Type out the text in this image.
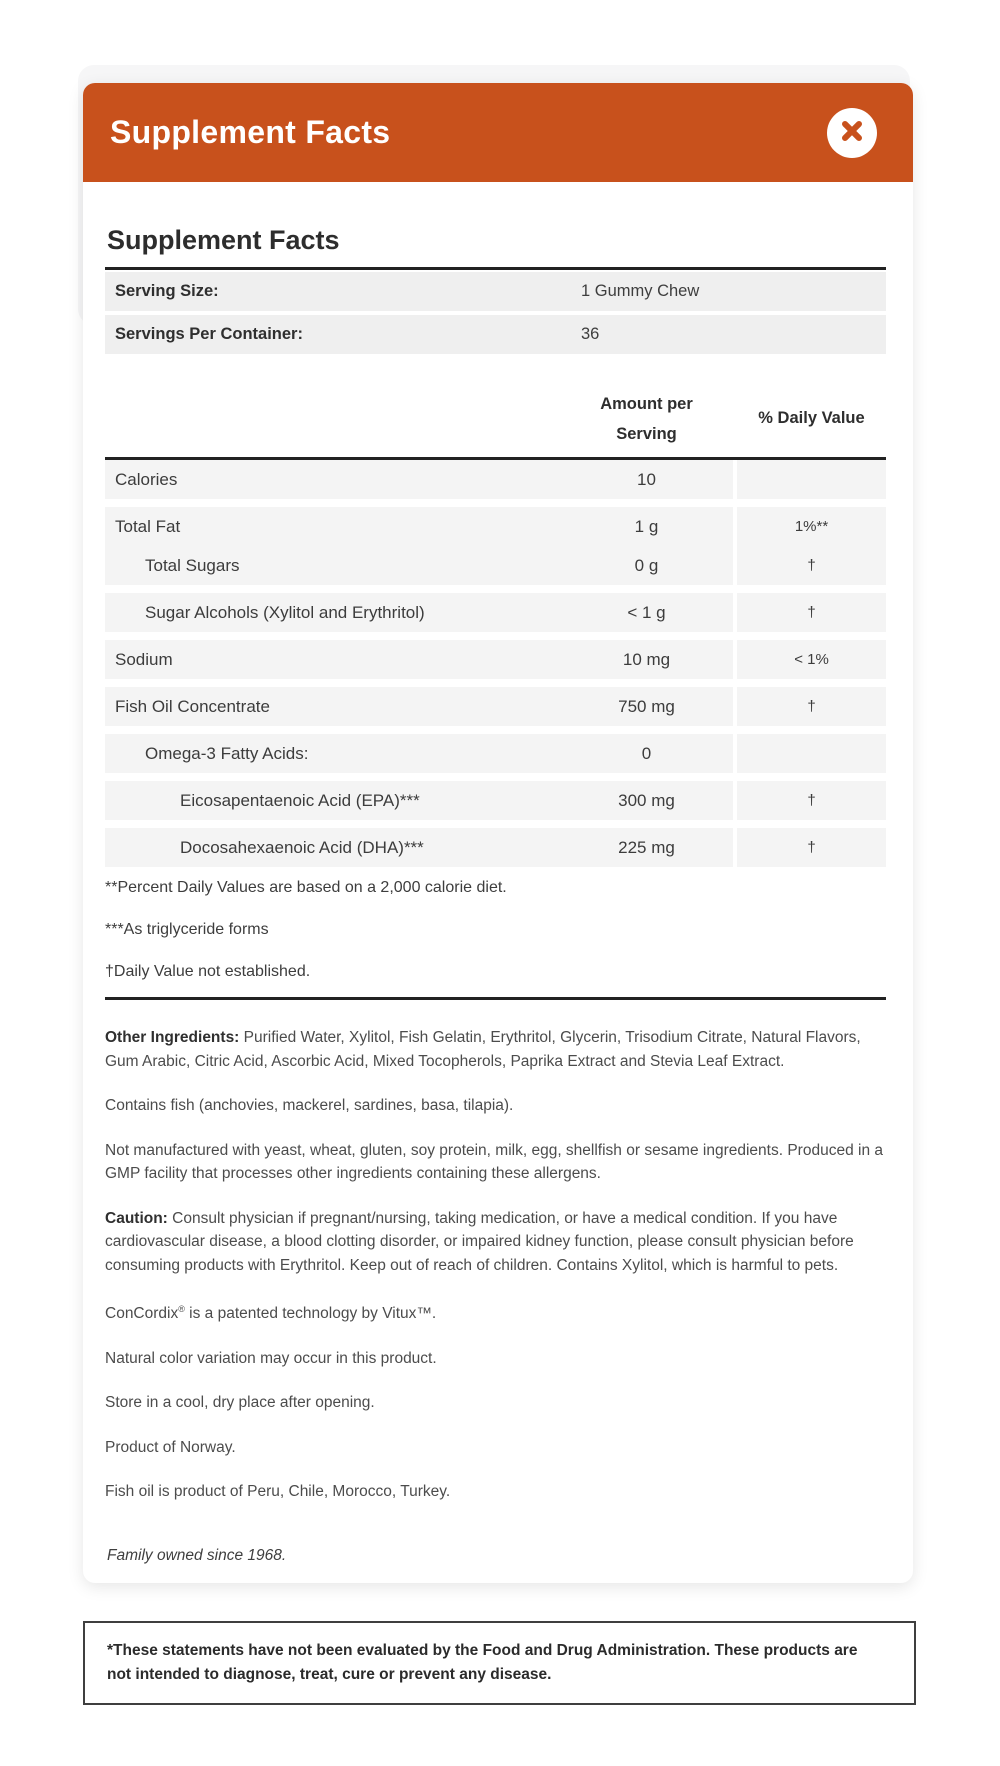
Supplement Facts
Supplement Facts
Serving Size:	1 Gummy Chew
Servings Per Container:	36
Amount per
Serving
% Daily Value
Calories	10
Total Fat	1 g	1%**
Total Sugars	0 g	†
Sugar Alcohols (Xylitol and Erythritol)	< 1 g	†
Sodium	10 mg	< 1%
Fish Oil Concentrate	750 mg	†
Omega-3 Fatty Acids:	0
Eicosapentaenoic Acid (EPA)***	300 mg	†
Docosahexaenoic Acid (DHA)***	225 mg	†
**Percent Daily Values are based on a 2,000 calorie diet.
***As triglyceride forms
†Daily Value not established.

Other Ingredients: Purified Water, Xylitol, Fish Gelatin, Erythritol, Glycerin, Trisodium Citrate, Natural Flavors, Gum Arabic, Citric Acid, Ascorbic Acid, Mixed Tocopherols, Paprika Extract and Stevia Leaf Extract.

Contains fish (anchovies, mackerel, sardines, basa, tilapia).

Not manufactured with yeast, wheat, gluten, soy protein, milk, egg, shellfish or sesame ingredients. Produced in a GMP facility that processes other ingredients containing these allergens.

Caution: Consult physician if pregnant/nursing, taking medication, or have a medical condition. If you have cardiovascular disease, a blood clotting disorder, or impaired kidney function, please consult physician before consuming products with Erythritol. Keep out of reach of children. Contains Xylitol, which is harmful to pets.

ConCordix® is a patented technology by Vitux™.

Natural color variation may occur in this product.

Store in a cool, dry place after opening.

Product of Norway.

Fish oil is product of Peru, Chile, Morocco, Turkey.

Family owned since 1968.
*These statements have not been evaluated by the Food and Drug Administration. These products are
not intended to diagnose, treat, cure or prevent any disease.
